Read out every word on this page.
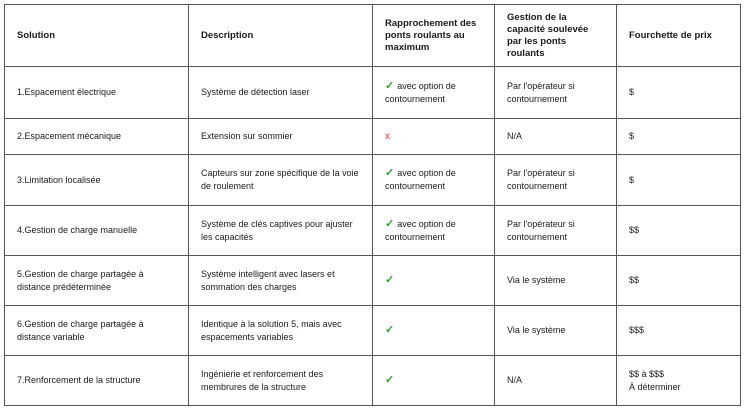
Solution	Description	Rapprochement des ponts roulants au maximum	Gestion de la capacité soulevée par les ponts roulants	Fourchette de prix
1.Espacement électrique	Système de détection laser	✓ avec option de contournement	Par l'opérateur si contournement	$
2.Espacement mécanique	Extension sur sommier	x	N/A	$
3.Limitation localisée	Capteurs sur zone spécifique de la voie de roulement	✓ avec option de contournement	Par l'opérateur si contournement	$
4.Gestion de charge manuelle	Système de clés captives pour ajuster les capacités	✓ avec option de contournement	Par l'opérateur si contournement	$$
5.Gestion de charge partagée à distance prédéterminée	Système intelligent avec lasers et sommation des charges	✓	Via le système	$$
6.Gestion de charge partagée à distance variable	Identique à la solution 5, mais avec espacements variables	✓	Via le système	$$$
7.Renforcement de la structure	Ingénierie et renforcement des membrures de la structure	✓	N/A	$$ à $$$
À déterminer
